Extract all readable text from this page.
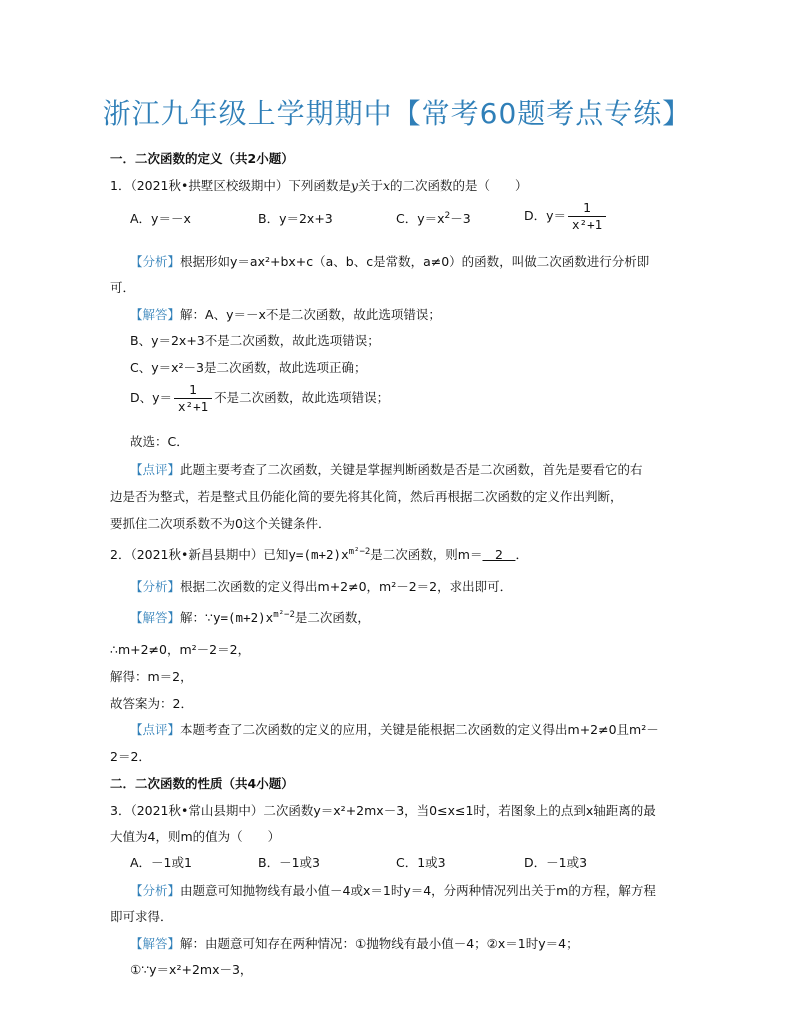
浙江九年级上学期期中【常考60题考点专练】
一．二次函数的定义（共2小题）
1．（2021秋•拱墅区校级期中）下列函数是y关于x的二次函数的是（　　）
A．y＝－x	B．y＝2x+3	C．$y=x^2-3$	D．$y= \frac{1}{\text{x²+1}}$
【分析】根据形如y＝ax²+bx+c（a、b、c是常数，a≠0）的函数，叫做二次函数进行分析即
可．
【解答】解：A、y＝－x不是二次函数，故此选项错误；
B、y＝2x+3不是二次函数，故此选项错误；
C、y＝x²－3是二次函数，故此选项正确；
D、$y= \frac{1}{\text{x²+1}}$ 不是二次函数，故此选项错误；
故选：C．
【点评】此题主要考查了二次函数，关键是掌握判断函数是否是二次函数，首先是要看它的右
边是否为整式，若是整式且仍能化简的要先将其化简，然后再根据二次函数的定义作出判断，
要抓住二次项系数不为0这个关键条件．
2．（2021秋•新昌县期中）已知$y=(m+2)x^{m^2-2}$是二次函数，则m＝　2　．
【分析】根据二次函数的定义得出m+2≠0，m²－2＝2，求出即可．
【解答】解：$\because y=(m+2)x^{m^2-2}$是二次函数，
∴m+2≠0，m²－2＝2，
解得：m＝2，
故答案为：2．
【点评】本题考查了二次函数的定义的应用，关键是能根据二次函数的定义得出m+2≠0且m²－
2＝2．
二．二次函数的性质（共4小题）
3．（2021秋•常山县期中）二次函数y＝x²+2mx－3，当0≤x≤1时，若图象上的点到x轴距离的最
大值为4，则m的值为（　　）
A．－1或1	B．－1或3	C．1或3	D．－1或3
【分析】由题意可知抛物线有最小值－4或x＝1时y＝4，分两种情况列出关于m的方程，解方程
即可求得．
【解答】解：由题意可知存在两种情况：①抛物线有最小值－4；②x＝1时y＝4；
①∵y＝x²+2mx－3，
